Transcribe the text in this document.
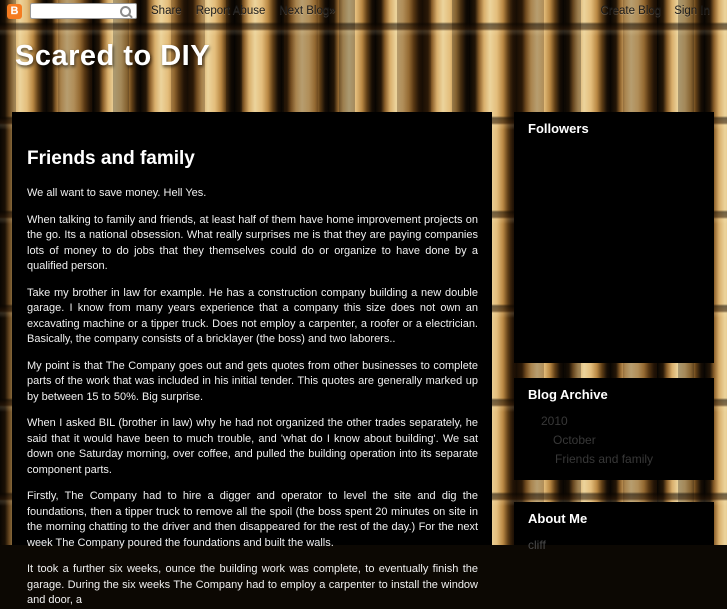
B	Share Report Abuse Next Blog»	Create Blog Sign In
Scared to DIY
Friends and family

We all want to save money. Hell Yes.

When talking to family and friends, at least half of them have home improvement projects on the go. Its a national obsession. What really surprises me is that they are paying companies lots of money to do jobs that they themselves could do or organize to have done by a qualified person.

Take my brother in law for example. He has a construction company building a new double garage. I know from many years experience that a company this size does not own an excavating machine or a tipper truck. Does not employ a carpenter, a roofer or a electrician. Basically, the company consists of a bricklayer (the boss) and two laborers..

My point is that The Company goes out and gets quotes from other businesses to complete parts of the work that was included in his initial tender. This quotes are generally marked up by between 15 to 50%. Big surprise.

When I asked BIL (brother in law) why he had not organized the other trades separately, he said that it would have been to much trouble, and 'what do I know about building'. We sat down one Saturday morning, over coffee, and pulled the building operation into its separate component parts.

Firstly, The Company had to hire a digger and operator to level the site and dig the foundations, then a tipper truck to remove all the spoil (the boss spent 20 minutes on site in the morning chatting to the driver and then disappeared for the rest of the day.) For the next week The Company poured the foundations and built the walls.

It took a further six weeks, ounce the building work was complete, to eventually finish the garage. During the six weeks The Company had to employ a carpenter to install the window and door, a

Followers
Blog Archive
2010
October
Friends and family
About Me
cliff
